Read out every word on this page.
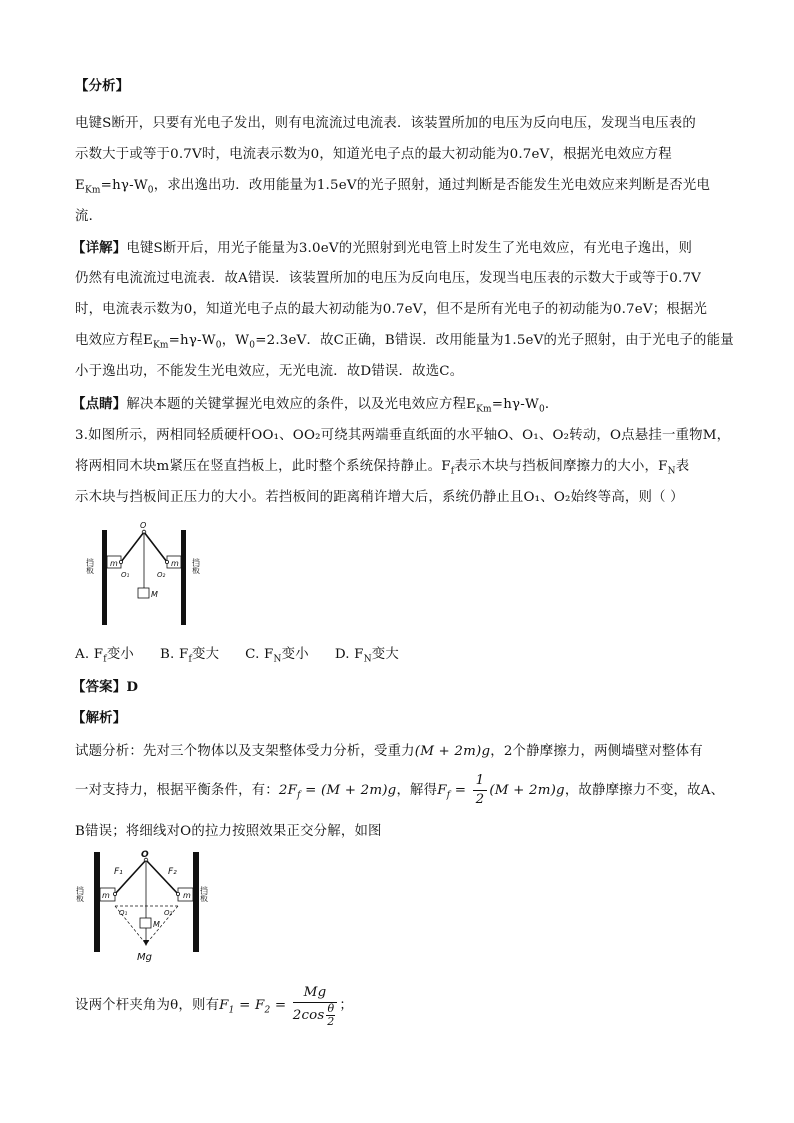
【分析】
电键S断开，只要有光电子发出，则有电流流过电流表．该装置所加的电压为反向电压，发现当电压表的
示数大于或等于0.7V时，电流表示数为0，知道光电子点的最大初动能为0.7eV，根据光电效应方程
$E_{Km}=h\gamma-W_0$，求出逸出功．改用能量为1.5eV的光子照射，通过判断是否能发生光电效应来判断是否光电
流．
【详解】电键S断开后，用光子能量为3.0eV的光照射到光电管上时发生了光电效应，有光电子逸出，则
仍然有电流流过电流表．故A错误．该装置所加的电压为反向电压，发现当电压表的示数大于或等于0.7V
时，电流表示数为0，知道光电子点的最大初动能为0.7eV，但不是所有光电子的初动能为0.7eV；根据光
电效应方程$E_{Km}=h\gamma-W_0$，$W_0=2.3eV$．故C正确，B错误．改用能量为1.5eV的光子照射，由于光电子的能量
小于逸出功，不能发生光电效应，无光电流．故D错误．故选C。
【点睛】解决本题的关键掌握光电效应的条件，以及光电效应方程$E_{Km}=h\gamma-W_0$．
3.如图所示，两相同轻质硬杆OO₁、OO₂可绕其两端垂直纸面的水平轴O、O₁、O₂转动，O点悬挂一重物M，
将两相同木块m紧压在竖直挡板上，此时整个系统保持静止。$F_f$表示木块与挡板间摩擦力的大小，$F_N$表
示木块与挡板间正压力的大小。若挡板间的距离稍许增大后，系统仍静止且O₁、O₂始终等高，则（ ）
挡板	挡板
m	m
O
O₁	O₂
M
A. $F_f$变小 B. $F_f$变大 C. $F_N$变小 D. $F_N$变大
【答案】D
【解析】
试题分析：先对三个物体以及支架整体受力分析，受重力(M + 2m)g，2个静摩擦力，两侧墙壁对整体有
一对支持力，根据平衡条件，有：$2F_f = (M + 2m)g$，解得$F_f = \frac{1}{2} (M + 2m)g$，故静摩擦力不变，故A、
B错误；将细线对O的拉力按照效果正交分解，如图
挡板	挡板
m	m
O
F₁	F₂
O₁	O₂
M
Mg
设两个杆夹角为θ，则有$F_1 = F_2 = \frac{Mg}{2\cos \frac{\theta}{2}}$ ；
